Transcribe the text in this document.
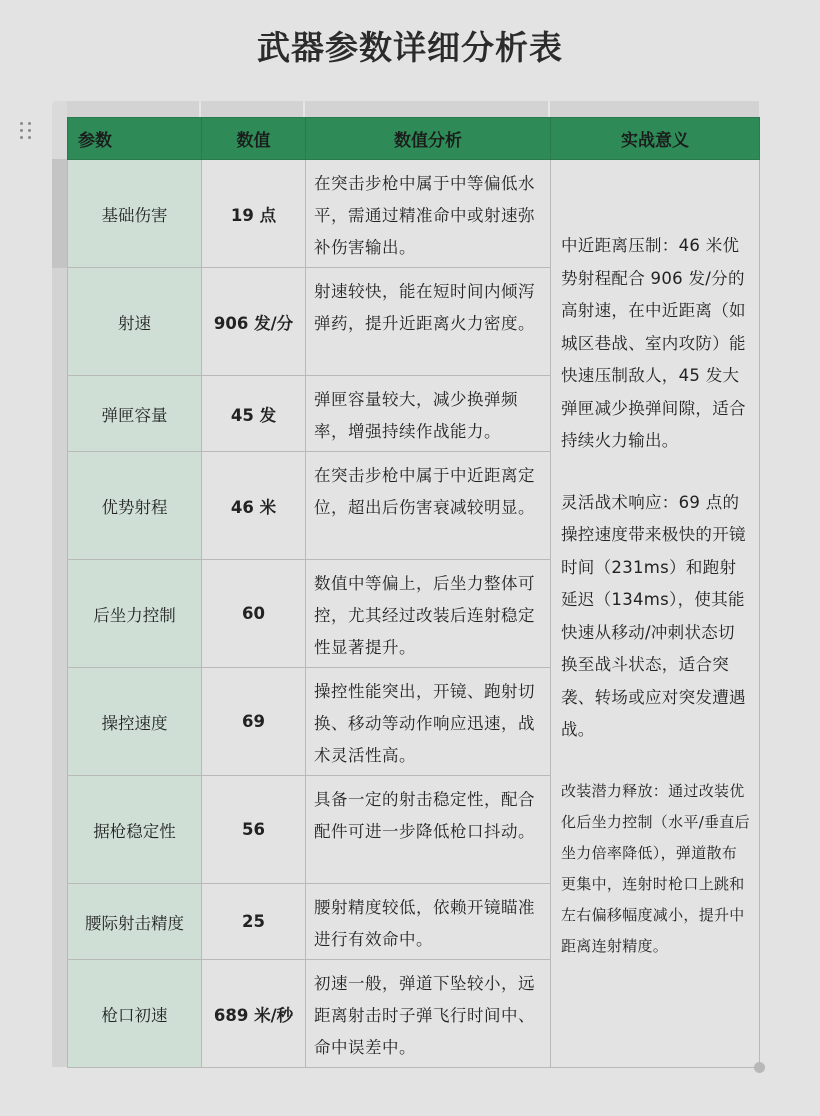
武器参数详细分析表
参数	数值	数值分析	实战意义
基础伤害	19 点	在突击步枪中属于中等偏低水平，需通过精准命中或射速弥补伤害输出。	中近距离压制：46 米优势射程配合 906 发/分的高射速，在中近距离（如城区巷战、室内攻防）能快速压制敌人，45 发大弹匣减少换弹间隙，适合持续火力输出。

灵活战术响应：69 点的操控速度带来极快的开镜时间（231ms）和跑射延迟（134ms），使其能快速从移动/冲刺状态切换至战斗状态，适合突袭、转场或应对突发遭遇战。

改装潜力释放：通过改装优化后坐力控制（水平/垂直后坐力倍率降低），弹道散布更集中，连射时枪口上跳和左右偏移幅度减小，提升中距离连射精度。

射速	906 发/分	射速较快，能在短时间内倾泻弹药，提升近距离火力密度。	
弹匣容量	45 发	弹匣容量较大，减少换弹频率，增强持续作战能力。	
优势射程	46 米	在突击步枪中属于中近距离定位，超出后伤害衰减较明显。	
后坐力控制	60	数值中等偏上，后坐力整体可控，尤其经过改装后连射稳定性显著提升。	
操控速度	69	操控性能突出，开镜、跑射切换、移动等动作响应迅速，战术灵活性高。	
据枪稳定性	56	具备一定的射击稳定性，配合配件可进一步降低枪口抖动。	
腰际射击精度	25	腰射精度较低，依赖开镜瞄准进行有效命中。	
枪口初速	689 米/秒	初速一般，弹道下坠较小，远距离射击时子弹飞行时间中、命中误差中。	
